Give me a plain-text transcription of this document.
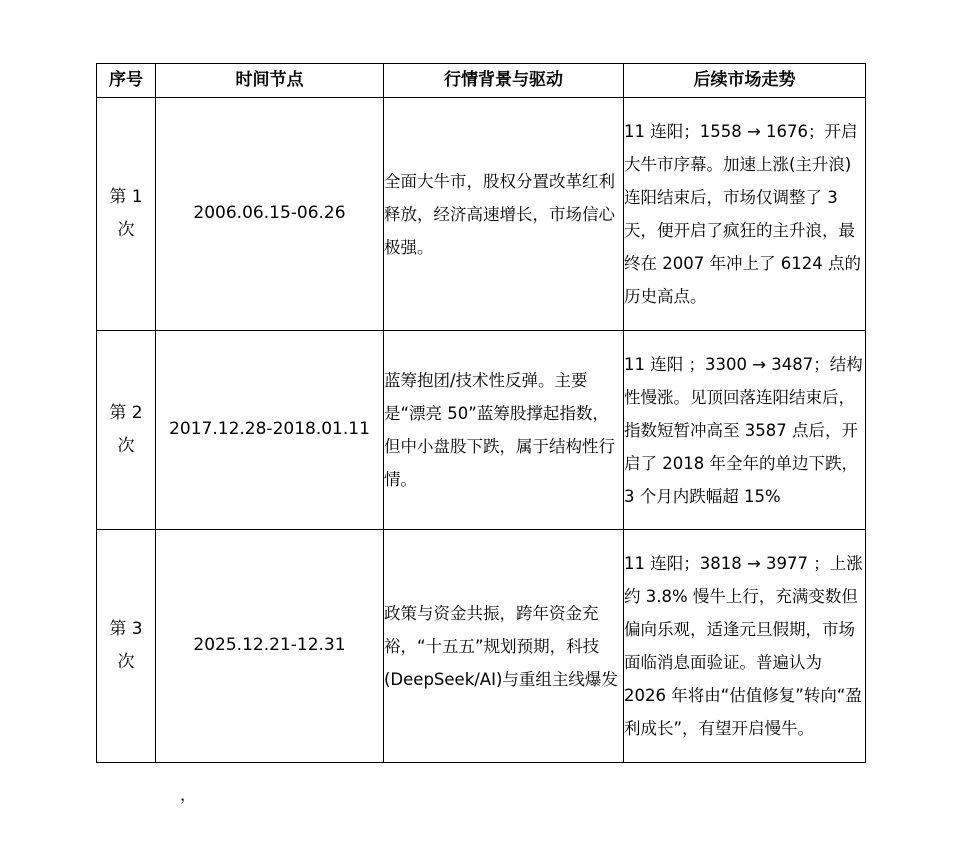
序号	时间节点	行情背景与驱动	后续市场走势
第 1 次	2006.06.15-06.26	全面大牛市，股权分置改革红利释放，经济高速增长，市场信心极强。	11 连阳；1558 → 1676；开启大牛市序幕。加速上涨(主升浪)连阳结束后，市场仅调整了 3 天，便开启了疯狂的主升浪，最终在 2007 年冲上了 6124 点的历史高点。
第 2 次	2017.12.28-2018.01.11	蓝筹抱团/技术性反弹。主要是“漂亮 50”蓝筹股撑起指数，但中小盘股下跌，属于结构性行情。	11 连阳 ；3300 → 3487；结构性慢涨。见顶回落连阳结束后，指数短暂冲高至 3587 点后，开启了 2018 年全年的单边下跌，3 个月内跌幅超 15%
第 3 次	2025.12.21-12.31	政策与资金共振，跨年资金充裕，“十五五”规划预期，科技(DeepSeek/AI)与重组主线爆发	11 连阳；3818 → 3977 ；上涨约 3.8% 慢牛上行，充满变数但偏向乐观，适逢元旦假期，市场面临消息面验证。普遍认为 2026 年将由“估值修复”转向“盈利成长”，有望开启慢牛。
，
